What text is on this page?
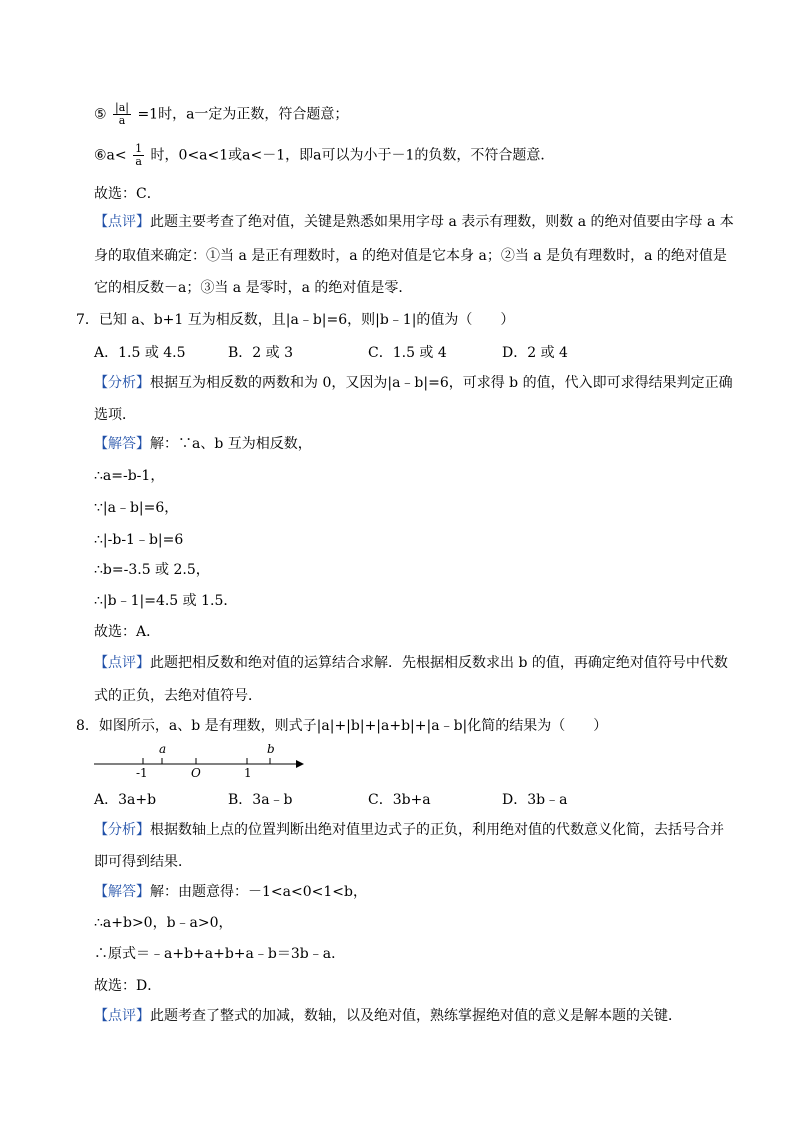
⑤ $\frac{|a|}{a} =1$时，a一定为正数，符合题意；
⑥a< $\frac{1}{a}$ 时，0<a<1或a<－1，即a可以为小于－1的负数，不符合题意．
故选：C．
【点评】此题主要考查了绝对值，关键是熟悉如果用字母 a 表示有理数，则数 a 的绝对值要由字母 a 本
身的取值来确定：①当 a 是正有理数时，a 的绝对值是它本身 a；②当 a 是负有理数时，a 的绝对值是
它的相反数－a；③当 a 是零时，a 的绝对值是零．
7．已知 a、b+1 互为相反数，且|a﹣b|=6，则|b﹣1|的值为（　　）
A．1.5 或 4.5	B．2 或 3	C．1.5 或 4	D．2 或 4
【分析】根据互为相反数的两数和为 0，又因为|a﹣b|=6，可求得 b 的值，代入即可求得结果判定正确
选项．
【解答】解：∵a、b 互为相反数，
∴a=-b-1，
∵|a﹣b|=6，
∴|-b-1﹣b|=6
∴b=-3.5 或 2.5，
∴|b﹣1|=4.5 或 1.5．
故选：A．
【点评】此题把相反数和绝对值的运算结合求解．先根据相反数求出 b 的值，再确定绝对值符号中代数
式的正负，去绝对值符号．
8．如图所示，a、b 是有理数，则式子|a|+|b|+|a+b|+|a﹣b|化简的结果为（　　）
a	b
-1	O	1
A．3a+b	B．3a﹣b	C．3b+a	D．3b﹣a
【分析】根据数轴上点的位置判断出绝对值里边式子的正负，利用绝对值的代数意义化简，去括号合并
即可得到结果．
【解答】解：由题意得：－1<a<0<1<b，
∴a+b>0，b﹣a>0，
∴原式＝﹣a+b+a+b+a﹣b＝3b﹣a．
故选：D．
【点评】此题考查了整式的加减，数轴，以及绝对值，熟练掌握绝对值的意义是解本题的关键．
